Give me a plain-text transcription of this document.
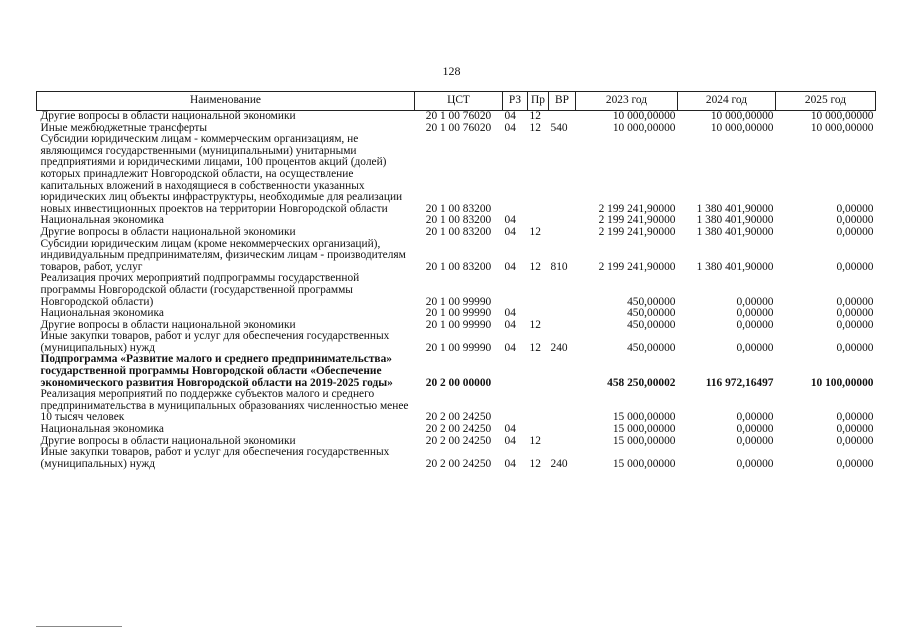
128
Наименование	ЦСТ	РЗ	Пр	ВР	2023 год	2024 год	2025 год
Другие вопросы в области национальной экономики	20 1 00 76020	04	12		10 000,00000	10 000,00000	10 000,00000
Иные межбюджетные трансферты	20 1 00 76020	04	12	540	10 000,00000	10 000,00000	10 000,00000
Субсидии юридическим лицам - коммерческим организациям, не являющимся государственными (муниципальными) унитарными предприятиями и юридическими лицами, 100 процентов акций (долей) которых принадлежит Новгородской области, на осуществление капитальных вложений в находящиеся в собственности указанных юридических лиц объекты инфраструктуры, необходимые для реализации новых инвестиционных проектов на территории Новгородской области	20 1 00 83200				2 199 241,90000	1 380 401,90000	0,00000
Национальная экономика	20 1 00 83200	04			2 199 241,90000	1 380 401,90000	0,00000
Другие вопросы в области национальной экономики	20 1 00 83200	04	12		2 199 241,90000	1 380 401,90000	0,00000
Субсидии юридическим лицам (кроме некоммерческих организаций), индивидуальным предпринимателям, физическим лицам - производителям товаров, работ, услуг	20 1 00 83200	04	12	810	2 199 241,90000	1 380 401,90000	0,00000
Реализация прочих мероприятий подпрограммы государственной программы Новгородской области (государственной программы Новгородской области)	20 1 00 99990				450,00000	0,00000	0,00000
Национальная экономика	20 1 00 99990	04			450,00000	0,00000	0,00000
Другие вопросы в области национальной экономики	20 1 00 99990	04	12		450,00000	0,00000	0,00000
Иные закупки товаров, работ и услуг для обеспечения государственных (муниципальных) нужд	20 1 00 99990	04	12	240	450,00000	0,00000	0,00000
Подпрограмма «Развитие малого и среднего предпринимательства» государственной программы Новгородской области «Обеспечение экономического развития Новгородской области на 2019-2025 годы»	20 2 00 00000				458 250,00002	116 972,16497	10 100,00000
Реализация мероприятий по поддержке субъектов малого и среднего предпринимательства в муниципальных образованиях численностью менее 10 тысяч человек	20 2 00 24250				15 000,00000	0,00000	0,00000
Национальная экономика	20 2 00 24250	04			15 000,00000	0,00000	0,00000
Другие вопросы в области национальной экономики	20 2 00 24250	04	12		15 000,00000	0,00000	0,00000
Иные закупки товаров, работ и услуг для обеспечения государственных (муниципальных) нужд	20 2 00 24250	04	12	240	15 000,00000	0,00000	0,00000
